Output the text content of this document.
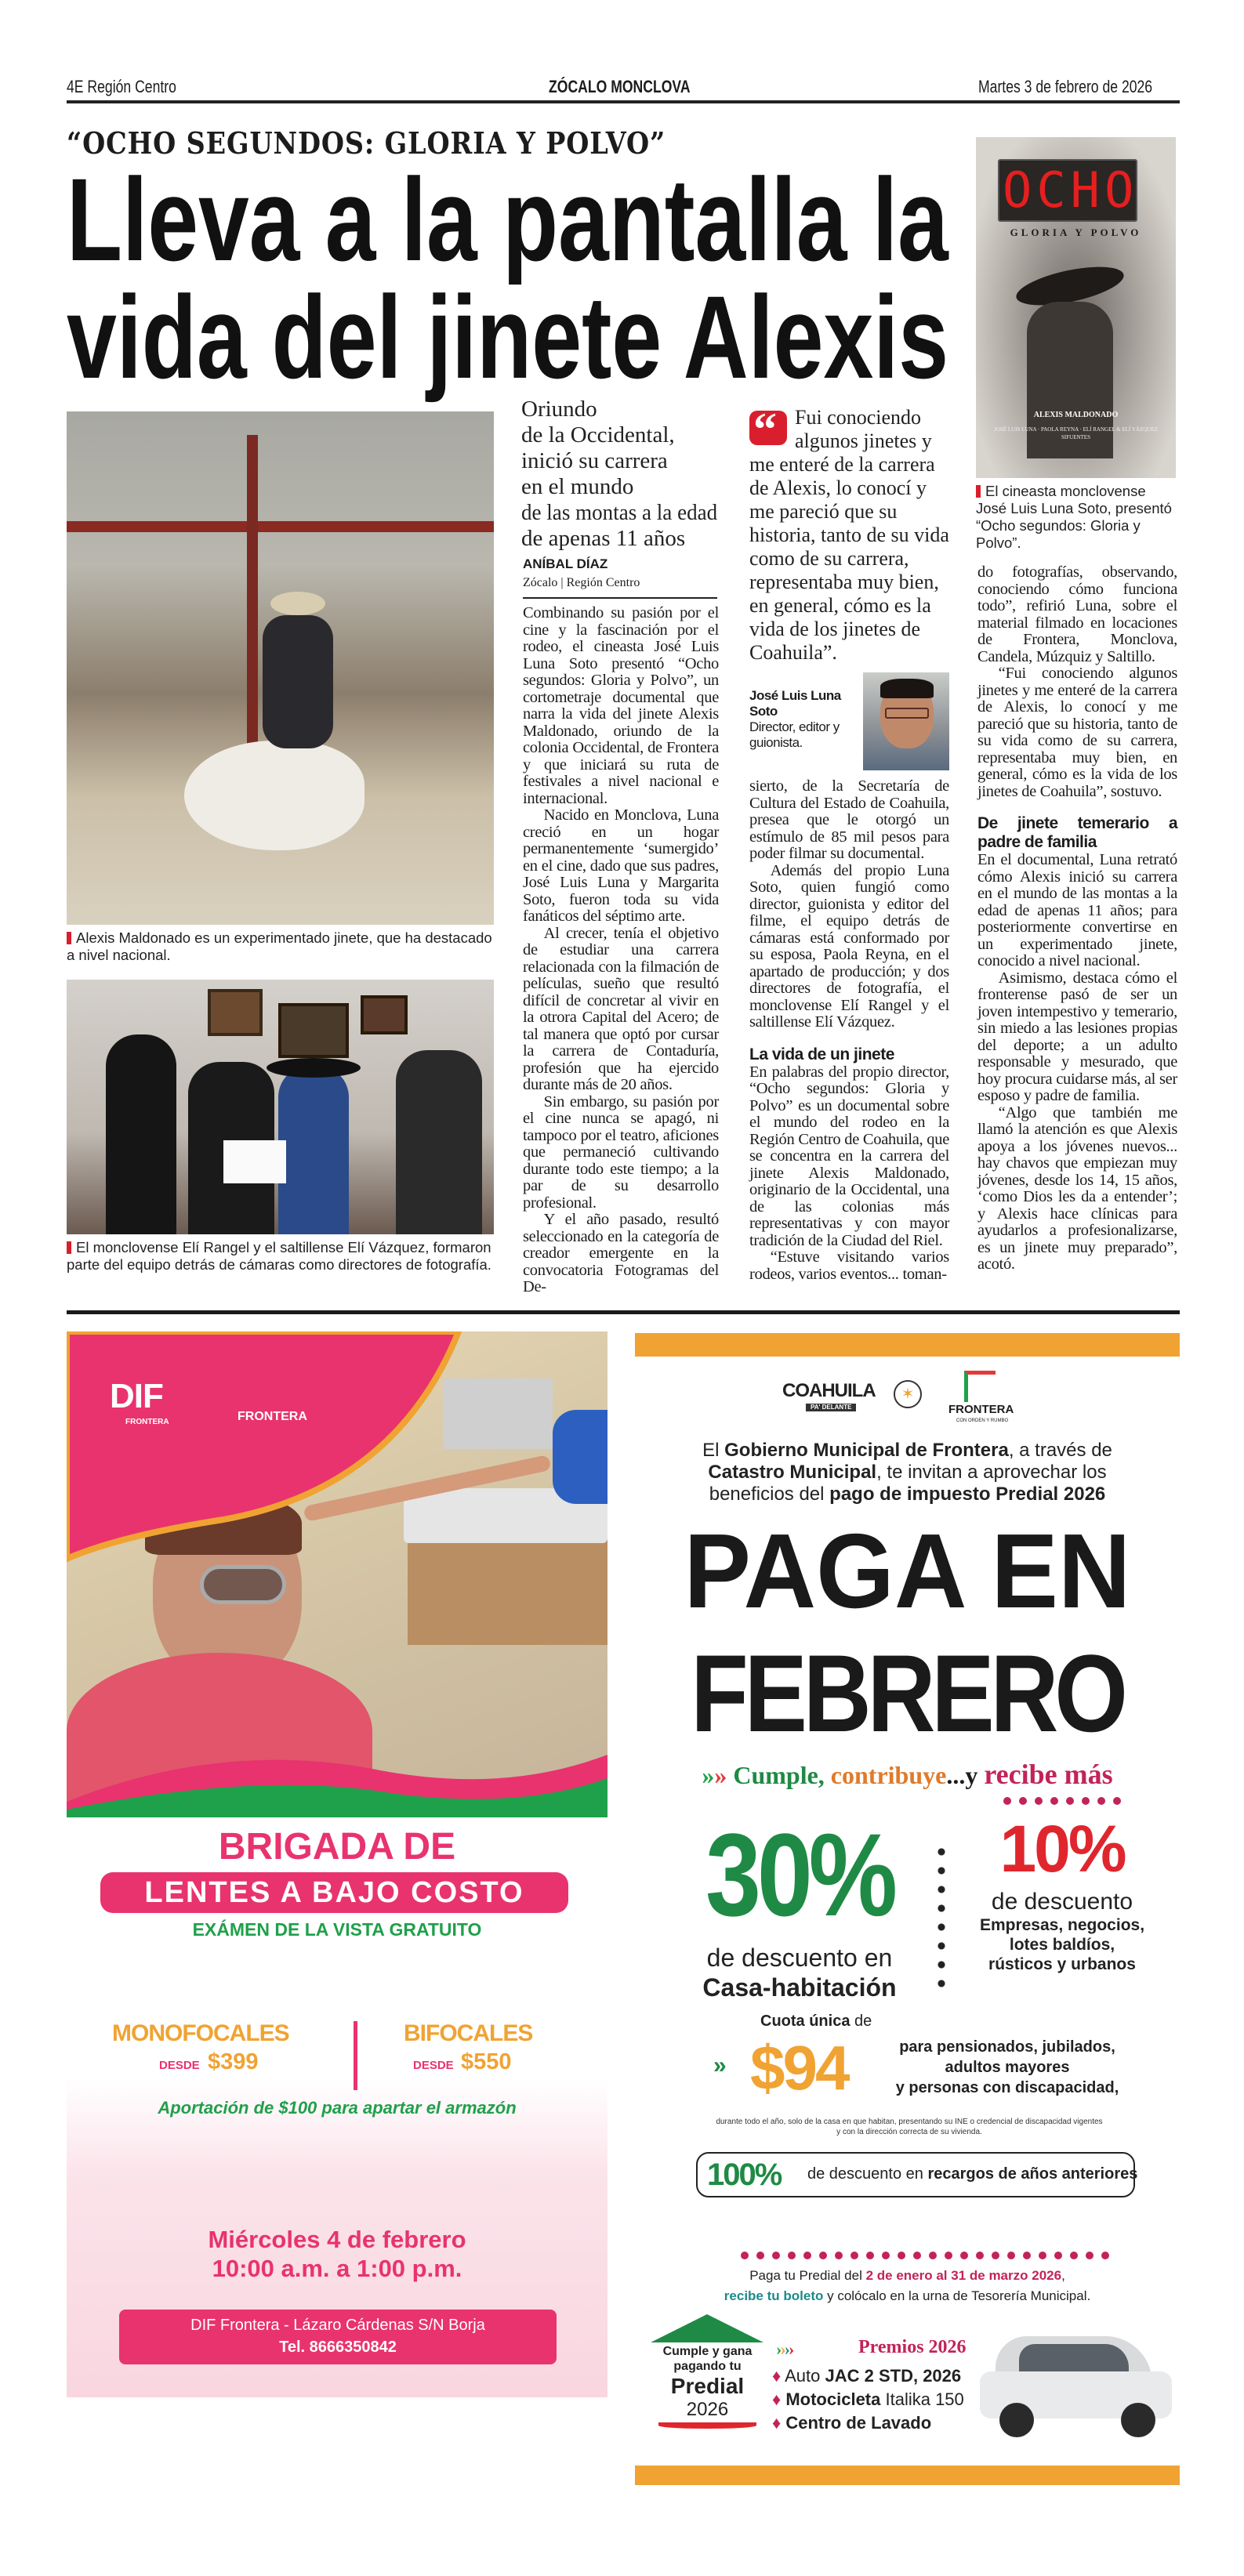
4E Región Centro	ZÓCALO MONCLOVA	Martes 3 de febrero de 2026
“OCHO SEGUNDOS: GLORIA Y POLVO”
Lleva a la pantalla la
vida del jinete Alexis
OCHO
GLORIA Y POLVO
ALEXIS MALDONADO
JOSÉ LUIS LUNA · PAOLA REYNA · ELÍ RANGEL & ELÍ VÁZQUEZ SIFUENTES
Alexis Maldonado es un experimentado jinete, que ha destacado a nivel nacional.
El monclovense Elí Rangel y el saltillense Elí Vázquez, formaron parte del equipo detrás de cámaras como directores de fotografía.
Oriundo
de la Occidental,
inició su carrera
en el mundo
de las montas a la edad
de apenas 11 años
ANÍBAL DÍAZ
Zócalo | Región Centro

Combinando su pasión por el cine y la fascinación por el rodeo, el cineasta José Luis Luna Soto presentó “Ocho segundos: Gloria y Polvo”, un cortometraje documental que narra la vida del jinete Alexis Maldonado, oriundo de la colonia Occidental, de Frontera y que iniciará su ruta de festivales a nivel nacional e internacional.

Nacido en Monclova, Luna creció en un hogar permanentemente ‘sumergido’ en el cine, dado que sus padres, José Luis Luna y Margarita Soto, fueron toda su vida fanáticos del séptimo arte.

Al crecer, tenía el objetivo de estudiar una carrera relacionada con la filmación de películas, sueño que resultó difícil de concretar al vivir en la otrora Capital del Acero; de tal manera que optó por cursar la carrera de Contaduría, profesión que ha ejercido durante más de 20 años.

Sin embargo, su pasión por el cine nunca se apagó, ni tampoco por el teatro, aficiones que permaneció cultivando durante todo este tiempo; a la par de su desarrollo profesional.

Y el año pasado, resultó seleccionado en la categoría de creador emergente en la convocatoria Fotogramas del De-

“ Fui conociendo algunos jinetes y me enteré de la carrera de Alexis, lo conocí y me pareció que su historia, tanto de su vida como de su carrera, representaba muy bien, en general, cómo es la vida de los jinetes de Coahuila”.
José Luis Luna Soto
Director, editor y guionista.

sierto, de la Secretaría de Cultura del Estado de Coahuila, presea que le otorgó un estímulo de 85 mil pesos para poder filmar su documental.

Además del propio Luna Soto, quien fungió como director, guionista y editor del filme, el equipo detrás de cámaras está conformado por su esposa, Paola Reyna, en el apartado de producción; y dos directores de fotografía, el monclovense Elí Rangel y el saltillense Elí Vázquez.

La vida de un jinete

En palabras del propio director, “Ocho segundos: Gloria y Polvo” es un documental sobre el mundo del rodeo en la Región Centro de Coahuila, que se concentra en la carrera del jinete Alexis Maldonado, originario de la Occidental, una de las colonias más representativas y con mayor tradición de la Ciudad del Riel.

“Estuve visitando varios rodeos, varios eventos... toman-

El cineasta monclovense José Luis Luna Soto, presentó “Ocho segundos: Gloria y Polvo”.

do fotografías, observando, conociendo cómo funciona todo”, refirió Luna, sobre el material filmado en locaciones de Frontera, Monclova, Candela, Múzquiz y Saltillo.

“Fui conociendo algunos jinetes y me enteré de la carrera de Alexis, lo conocí y me pareció que su historia, tanto de su vida como de su carrera, representaba muy bien, en general, cómo es la vida de los jinetes de Coahuila”, sostuvo.

De jinete temerario a padre de familia

En el documental, Luna retrató cómo Alexis inició su carrera en el mundo de las montas a la edad de apenas 11 años; para posteriormente convertirse en un experimentado jinete, conocido a nivel nacional.

Asimismo, destaca cómo el fronterense pasó de ser un joven intempestivo y temerario, sin miedo a las lesiones propias del deporte; a un adulto responsable y mesurado, que hoy procura cuidarse más, al ser esposo y padre de familia.

“Algo que también me llamó la atención es que Alexis apoya a los jóvenes nuevos... hay chavos que empiezan muy jóvenes, desde los 14, 15 años, ‘como Dios les da a entender’; y Alexis hace clínicas para ayudarlos a profesionalizarse, es un jinete muy preparado”, acotó.

DIF
FRONTERA	FRONTERA
BRIGADA DE
LENTES A BAJO COSTO
EXÁMEN DE LA VISTA GRATUITO
MONOFOCALES
DESDE $399
BIFOCALES
DESDE $550
Aportación de $100 para apartar el armazón
Miércoles 4 de febrero
10:00 a.m. a 1:00 p.m.
DIF Frontera - Lázaro Cárdenas S/N Borja
Tel. 8666350842
COAHUILA
PA' DELANTE
✶
FRONTERA
CON ORDEN Y RUMBO
El Gobierno Municipal de Frontera, a través de Catastro Municipal, te invitan a aprovechar los beneficios del pago de impuesto Predial 2026
PAGA EN
FEBRERO
»» Cumple, contribuye...y recibe más
30%
de descuento en
Casa-habitación
10%
de descuento
Empresas, negocios,
lotes baldíos,
rústicos y urbanos
Cuota única de
» $94	para pensionados, jubilados,
adultos mayores
y personas con discapacidad,
durante todo el año, solo de la casa en que habitan, presentando su INE o credencial de discapacidad vigentes y con la dirección correcta de su vivienda.
100% de descuento en recargos de años anteriores
Paga tu Predial del 2 de enero al 31 de marzo 2026,
recibe tu boleto y colócalo en la urna de Tesorería Municipal.
Cumple y gana
pagando tu
Predial
2026
››››	Premios 2026
♦ Auto JAC 2 STD, 2026
♦ Motocicleta Italika 150
♦ Centro de Lavado
